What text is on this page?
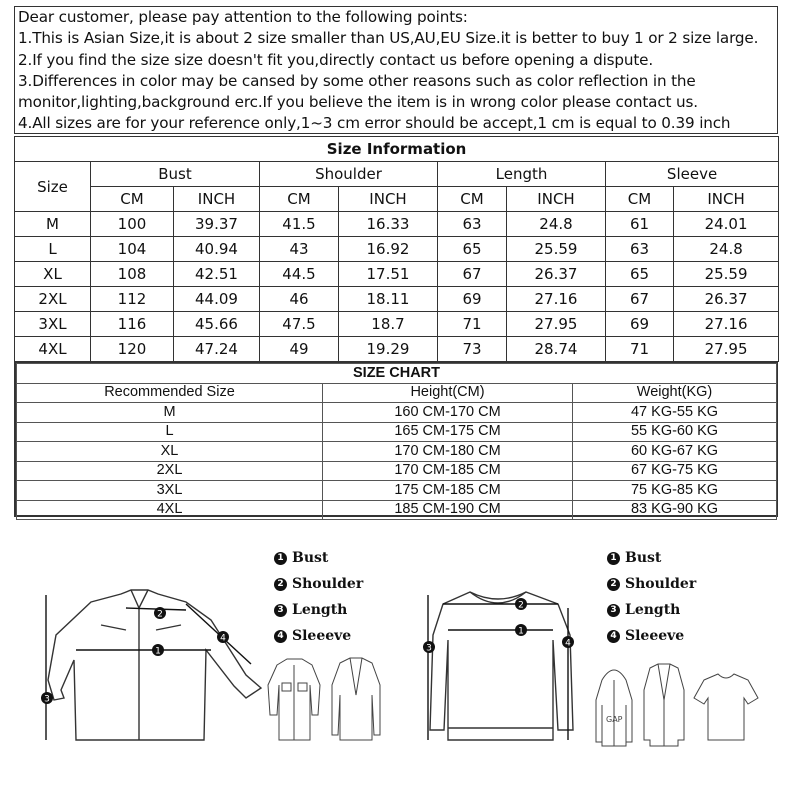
Dear customer, please pay attention to the following points:

1.This is Asian Size,it is about 2 size smaller than US,AU,EU Size.it is better to buy 1 or 2 size large.

2.If you find the size size doesn't fit you,directly contact us before opening a dispute.

3.Differences in color may be cansed by some other reasons such as color reflection in the

monitor,lighting,background erc.If you believe the item is in wrong color please contact us.

4.All sizes are for your reference only,1~3 cm error should be accept,1 cm is equal to 0.39 inch

Size Information								
Size	Bust		Shoulder		Length		Sleeve	
	CM	INCH	CM	INCH	CM	INCH	CM	INCH
M	100	39.37	41.5	16.33	63	24.8	61	24.01
L	104	40.94	43	16.92	65	25.59	63	24.8
XL	108	42.51	44.5	17.51	67	26.37	65	25.59
2XL	112	44.09	46	18.11	69	27.16	67	26.37
3XL	116	45.66	47.5	18.7	71	27.95	69	27.16
4XL	120	47.24	49	19.29	73	28.74	71	27.95
SIZE CHART		
Recommended Size	Height(CM)	Weight(KG)
M	160 CM-170 CM	47 KG-55 KG
L	165 CM-175 CM	55 KG-60 KG
XL	170 CM-180 CM	60 KG-67 KG
2XL	170 CM-185 CM	67 KG-75 KG
3XL	175 CM-185 CM	75 KG-85 KG
4XL	185 CM-190 CM	83 KG-90 KG
1
2
3
4
1 Bust
2 Shoulder
3 Length
4 Sleeeve	1
2
3	4
1 Bust
2 Shoulder
3 Length
4 Sleeeve
GAP
